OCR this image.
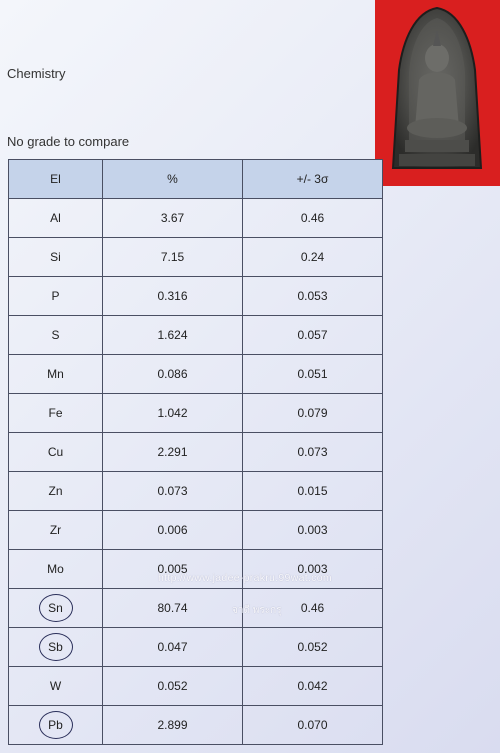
Chemistry
No grade to compare
El	%	+/- 3σ
Al	3.67	0.46
Si	7.15	0.24
P	0.316	0.053
S	1.624	0.057
Mn	0.086	0.051
Fe	1.042	0.079
Cu	2.291	0.073
Zn	0.073	0.015
Zr	0.006	0.003
Mo	0.005	0.003
Sn	80.74	0.46
Sb	0.047	0.052
W	0.052	0.042
Pb	2.899	0.070
http://www.jadee-prakru.99wat.com
จาดี พระกรุ
